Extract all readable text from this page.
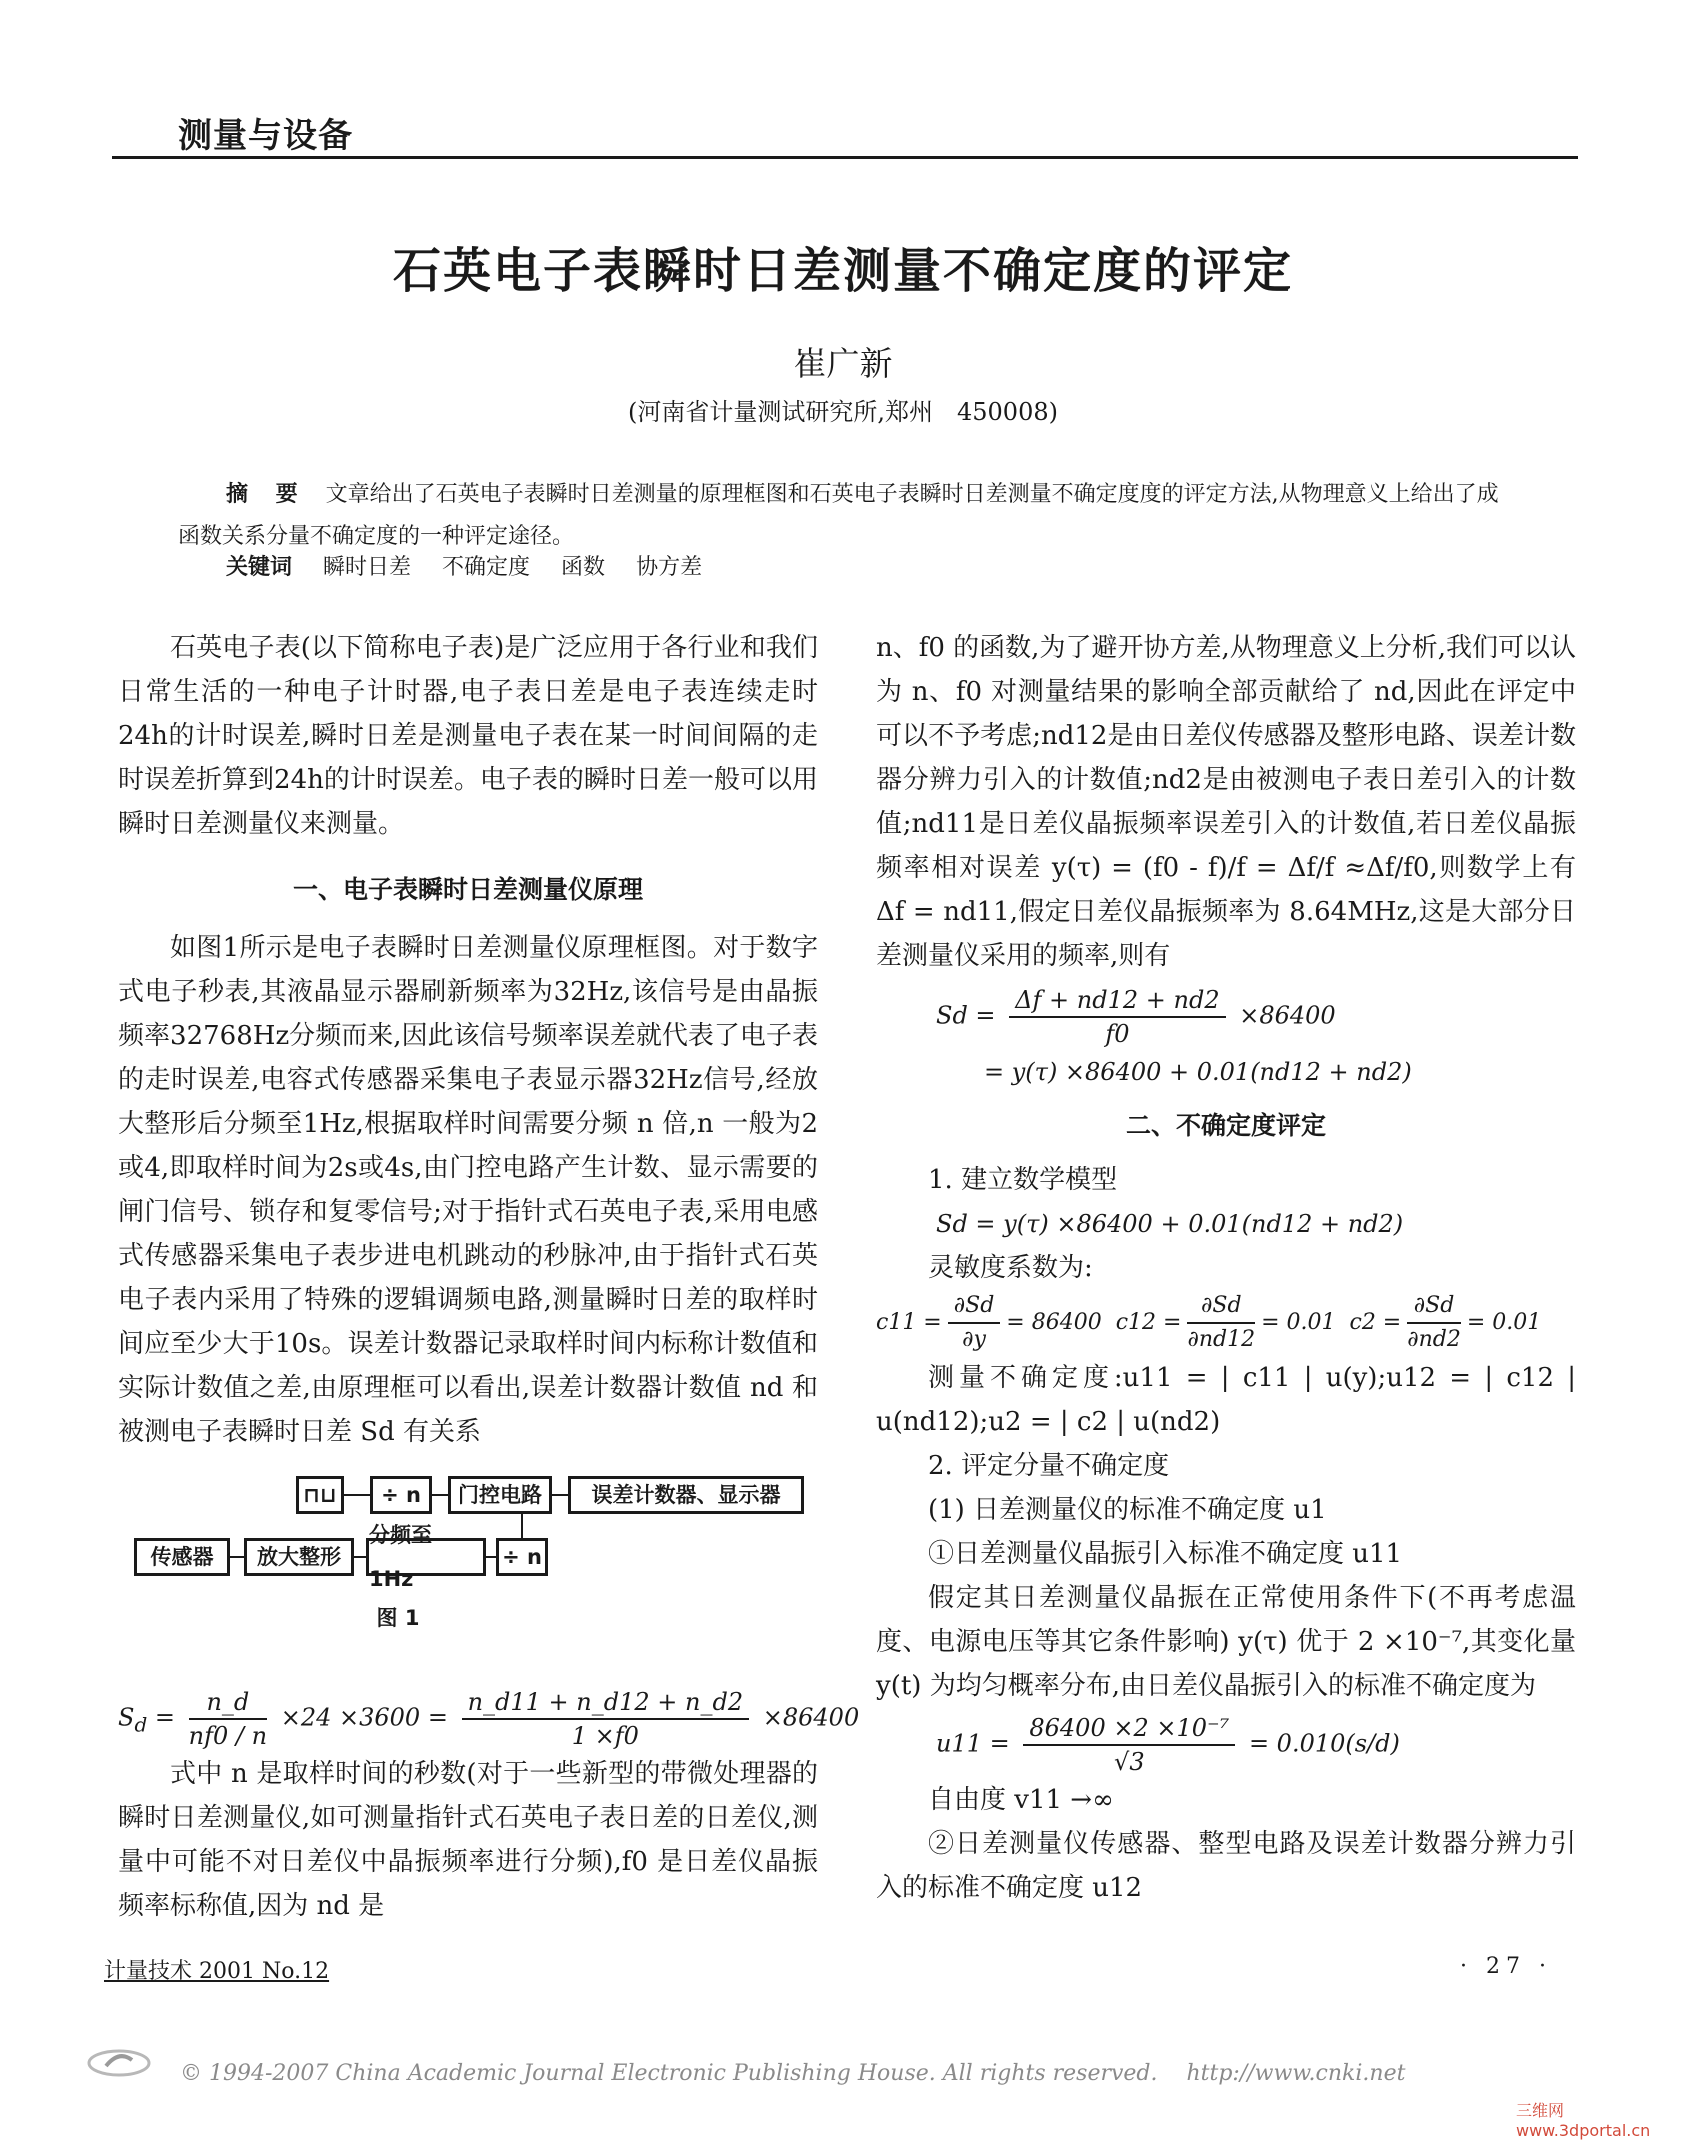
测量与设备
石英电子表瞬时日差测量不确定度的评定
崔广新
(河南省计量测试研究所,郑州　450008)
摘 要 文章给出了石英电子表瞬时日差测量的原理框图和石英电子表瞬时日差测量不确定度度的评定方法,从物理意义上给出了成函数关系分量不确定度的一种评定途径。
关键词 瞬时日差 不确定度 函数 协方差

石英电子表(以下简称电子表)是广泛应用于各行业和我们日常生活的一种电子计时器,电子表日差是电子表连续走时24h的计时误差,瞬时日差是测量电子表在某一时间间隔的走时误差折算到24h的计时误差。电子表的瞬时日差一般可以用瞬时日差测量仪来测量。

一、电子表瞬时日差测量仪原理

如图1所示是电子表瞬时日差测量仪原理框图。对于数字式电子秒表,其液晶显示器刷新频率为32Hz,该信号是由晶振频率32768Hz分频而来,因此该信号频率误差就代表了电子表的走时误差,电容式传感器采集电子表显示器32Hz信号,经放大整形后分频至1Hz,根据取样时间需要分频 n 倍,n 一般为2或4,即取样时间为2s或4s,由门控电路产生计数、显示需要的闸门信号、锁存和复零信号;对于指针式石英电子表,采用电感式传感器采集电子表步进电机跳动的秒脉冲,由于指针式石英电子表内采用了特殊的逻辑调频电路,测量瞬时日差的取样时间应至少大于10s。误差计数器记录取样时间内标称计数值和实际计数值之差,由原理框可以看出,误差计数器计数值 nd 和被测电子表瞬时日差 Sd 有关系

⊓⊔	÷ n	门控电路	误差计数器、显示器
传感器	放大整形
分频至 1Hz
÷ n
图 1
$S_d = \frac{n\_d}{nf0 / n} \times 24 \times 3600 = \frac{n\_d11 + n\_d12 + n\_d2}{1 \times f0} \times 86400$

式中 n 是取样时间的秒数(对于一些新型的带微处理器的瞬时日差测量仪,如可测量指针式石英电子表日差的日差仪,测量中可能不对日差仪中晶振频率进行分频),f0 是日差仪晶振频率标称值,因为 nd 是

n、f0 的函数,为了避开协方差,从物理意义上分析,我们可以认为 n、f0 对测量结果的影响全部贡献给了 nd,因此在评定中可以不予考虑;nd12是由日差仪传感器及整形电路、误差计数器分辨力引入的计数值;nd2是由被测电子表日差引入的计数值;nd11是日差仪晶振频率误差引入的计数值,若日差仪晶振频率相对误差 y(τ) = (f0 - f)/f = Δf/f ≈Δf/f0,则数学上有 Δf = nd11,假定日差仪晶振频率为 8.64MHz,这是大部分日差测量仪采用的频率,则有

$Sd = \frac{\Delta f + nd12 + nd2}{f0} \times 86400$
= y(τ) ×86400 + 0.01(nd12 + nd2)
二、不确定度评定

1. 建立数学模型

Sd = y(τ) ×86400 + 0.01(nd12 + nd2)

灵敏度系数为:

$c11 = \frac{\partial Sd}{\partial y} = 86400$ $c12 = \frac{\partial Sd}{\partial nd12} = 0.01$ $c2 = \frac{\partial Sd}{\partial nd2} = 0.01$

测量不确定度:u11 = | c11 | u(y);u12 = | c12 | u(nd12);u2 = | c2 | u(nd2)

2. 评定分量不确定度

(1) 日差测量仪的标准不确定度 u1

①日差测量仪晶振引入标准不确定度 u11

假定其日差测量仪晶振在正常使用条件下(不再考虑温度、电源电压等其它条件影响) y(τ) 优于 2 ×10⁻⁷,其变化量 y(t) 为均匀概率分布,由日差仪晶振引入的标准不确定度为

$u11 = \frac{\text{86400 ×2 ×10⁻⁷}}{√3} = 0.010(s/d)$

自由度 v11 →∞

②日差测量仪传感器、整型电路及误差计数器分辨力引入的标准不确定度 u12

计量技术 2001 No.12	· 27 ·
© 1994-2007 China Academic Journal Electronic Publishing House. All rights reserved.　 http://www.cnki.net
三维网www.3dportal.cn
